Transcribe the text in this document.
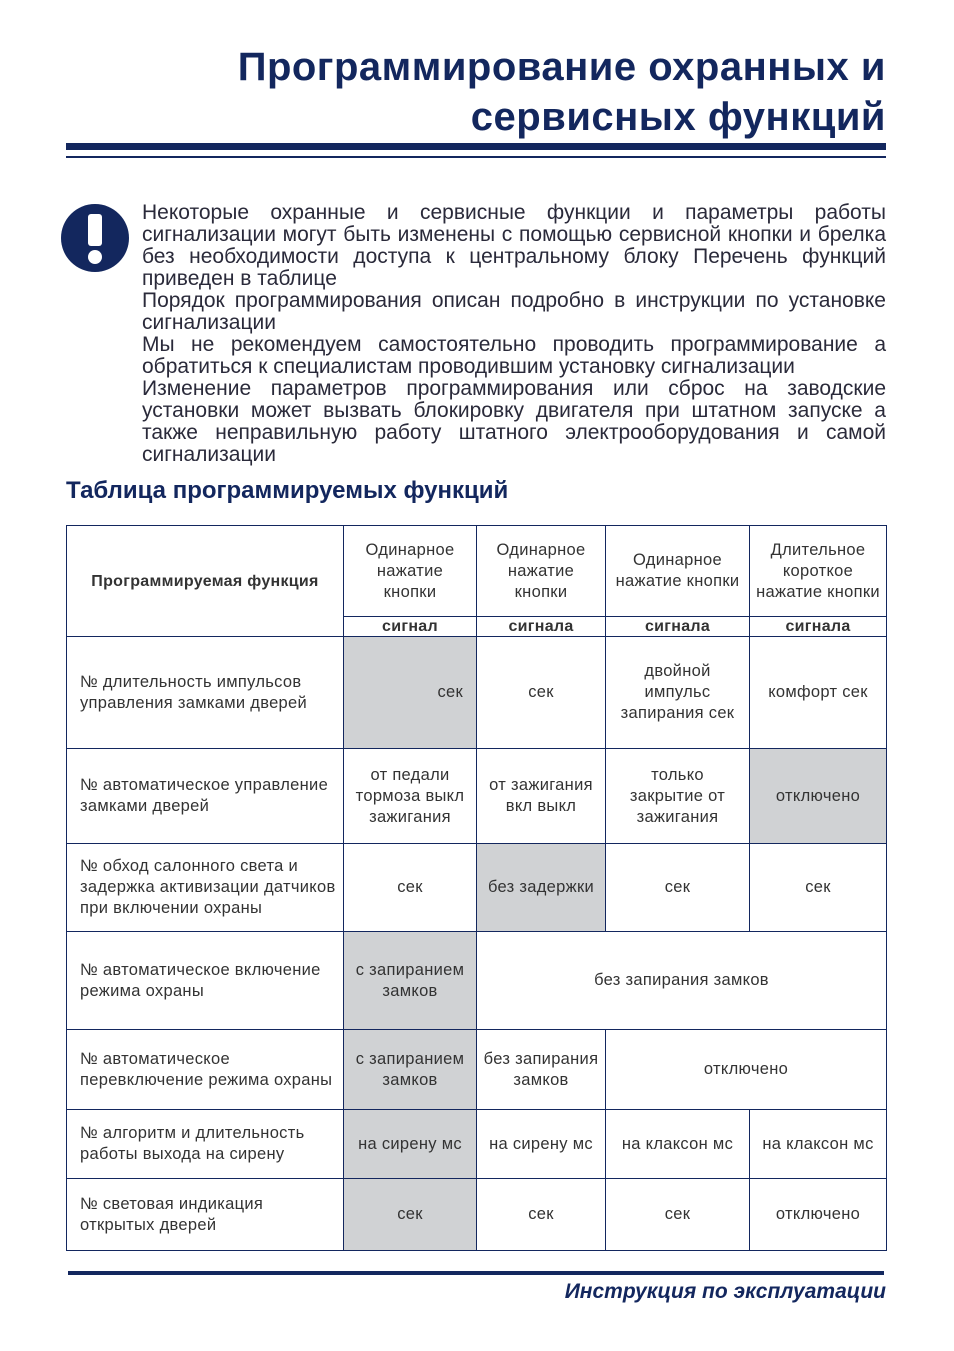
Программирование охранных и
сервисных функций

Некоторые охранные и сервисные функции и параметры работы сигнализации могут быть изменены с помощью сервисной кнопки и брелка без необходимости доступа к центральному блоку Перечень функций приведен в таблице

Порядок программирования описан подробно в инструкции по установке сигнализации

Мы не рекомендуем самостоятельно проводить программирование а обратиться к специалистам проводившим установку сигнализации

Изменение параметров программирования или сброс на заводские установки может вызвать блокировку двигателя при штатном запуске а также неправильную работу штатного электрооборудования и самой сигнализации

Таблица программируемых функций
Программируемая функция	Одинарное нажатие кнопки	Одинарное нажатие кнопки	Одинарное нажатие кнопки	Длительное короткое нажатие кнопки
	сигнал	сигнала	сигнала	сигнала
№ длительность импульсов управления замками дверей	сек	сек	двойной импульс запирания сек	комфорт сек
№ автоматическое управление замками дверей	от педали тормоза выкл зажигания	от зажигания вкл выкл	только закрытие от зажигания	отключено
№ обход салонного света и задержка активизации датчиков при включении охраны	сек	без задержки	сек	сек
№ автоматическое включение режима охраны	с запиранием замков	без запирания замков		
№ автоматическое перевключение режима охраны	с запиранием замков	без запирания замков	отключено	
№ алгоритм и длительность работы выхода на сирену	на сирену мс	на сирену мс	на клаксон мс	на клаксон мс
№ световая индикация открытых дверей	сек	сек	сек	отключено
Инструкция по эксплуатации
